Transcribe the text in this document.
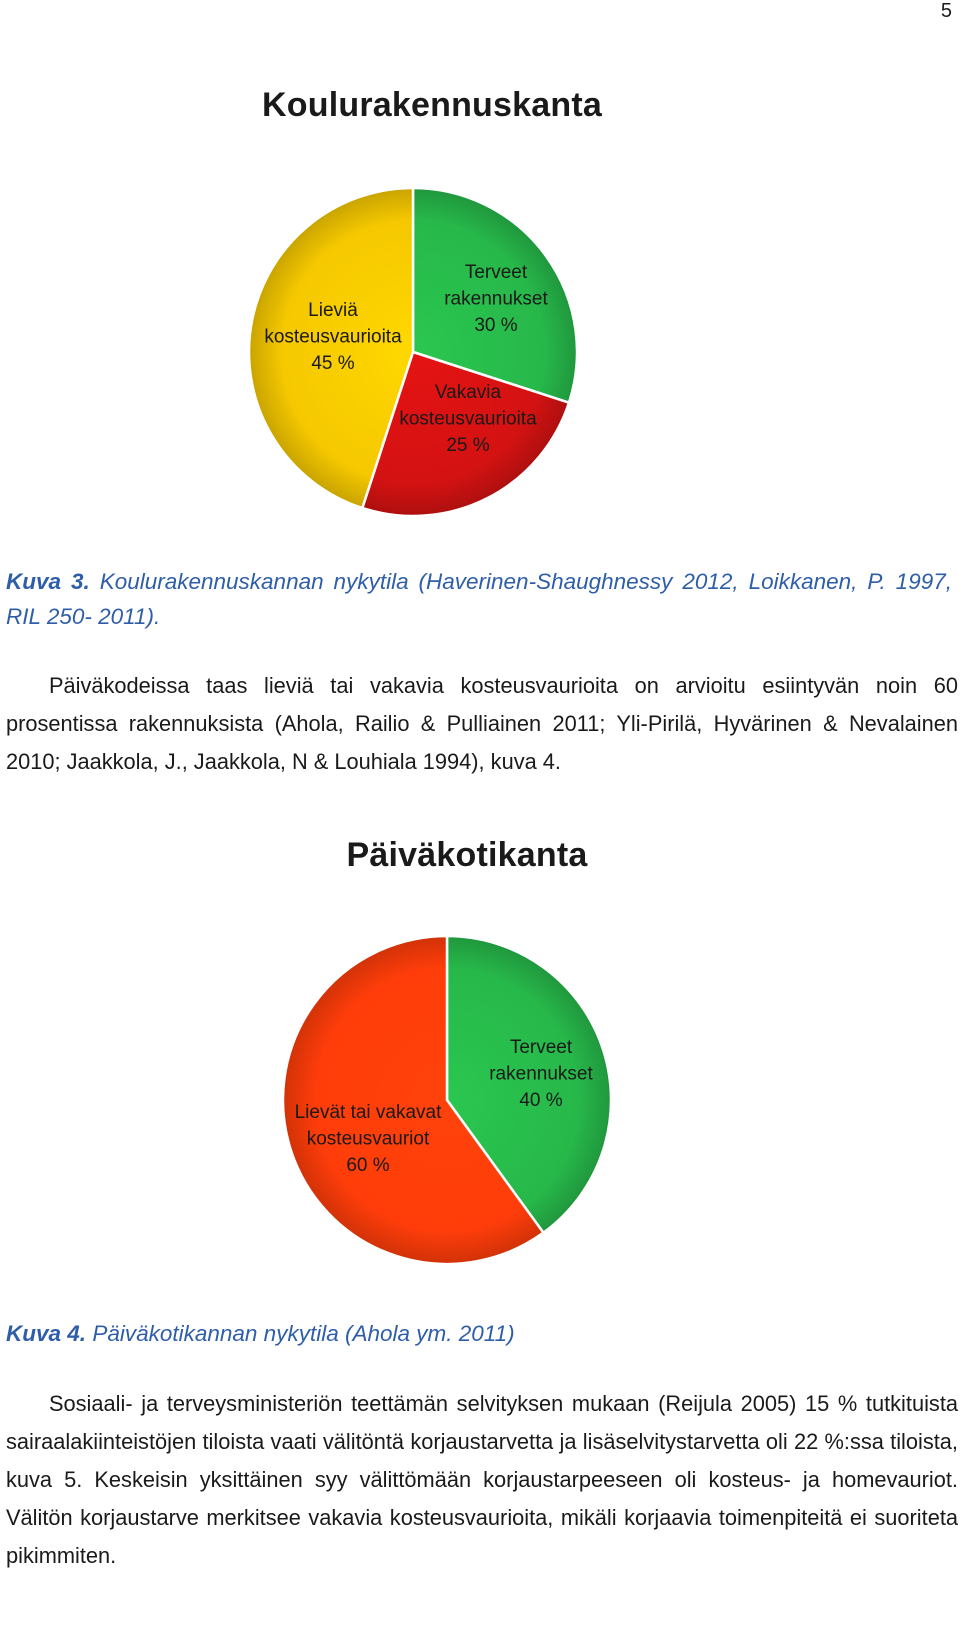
5
Koulurakennuskanta
Terveet rakennukset 30 %
Vakavia kosteusvaurioita 25 %
Lieviä kosteusvaurioita 45 %
Kuva 3. Koulurakennuskannan nykytila (Haverinen-Shaughnessy 2012, Loikkanen, P. 1997, RIL 250- 2011).
Päiväkodeissa taas lieviä tai vakavia kosteusvaurioita on arvioitu esiintyvän noin 60 prosentissa rakennuksista (Ahola, Railio & Pulliainen 2011; Yli-Pirilä, Hyvärinen & Nevalainen 2010; Jaakkola, J., Jaakkola, N & Louhiala 1994), kuva 4.
Päiväkotikanta
Terveet rakennukset 40 %
Lievät tai vakavat kosteusvauriot 60 %
Kuva 4. Päiväkotikannan nykytila (Ahola ym. 2011)
Sosiaali- ja terveysministeriön teettämän selvityksen mukaan (Reijula 2005) 15 % tutkituista sairaalakiinteistöjen tiloista vaati välitöntä korjaustarvetta ja lisäselvitystarvetta oli 22 %:ssa tiloista, kuva 5. Keskeisin yksittäinen syy välittömään korjaustarpeeseen oli kosteus- ja homevauriot. Välitön korjaustarve merkitsee vakavia kosteusvaurioita, mikäli korjaavia toimenpiteitä ei suoriteta pikimmiten.
